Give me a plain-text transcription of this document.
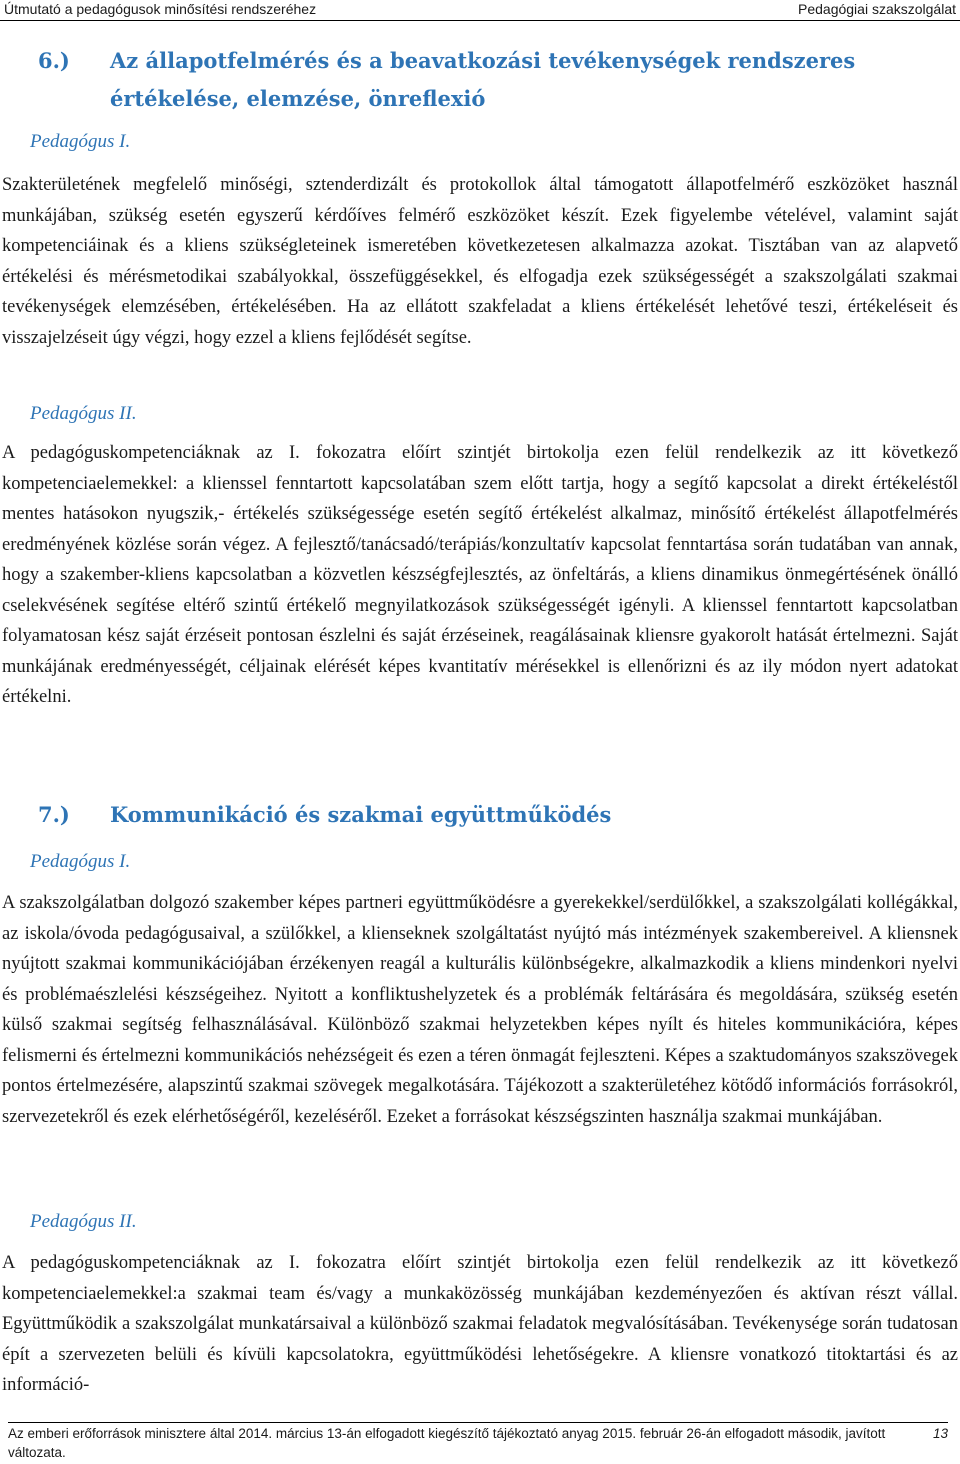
Útmutató a pedagógusok minősítési rendszeréhez	Pedagógiai szakszolgálat
6.) Az állapotfelmérés és a beavatkozási tevékenységek rendszeres értékelése, elemzése, önreflexió
Pedagógus I.
Szakterületének megfelelő minőségi, sztenderdizált és protokollok által támogatott állapotfelmérő eszközöket használ munkájában, szükség esetén egyszerű kérdőíves felmérő eszközöket készít. Ezek figyelembe vételével, valamint saját kompetenciáinak és a kliens szükségleteinek ismeretében következetesen alkalmazza azokat. Tisztában van az alapvető értékelési és mérésmetodikai szabályokkal, összefüggésekkel, és elfogadja ezek szükségességét a szakszolgálati szakmai tevékenységek elemzésében, értékelésében. Ha az ellátott szakfeladat a kliens értékelését lehetővé teszi, értékeléseit és visszajelzéseit úgy végzi, hogy ezzel a kliens fejlődését segítse.
Pedagógus II.
A pedagóguskompetenciáknak az I. fokozatra előírt szintjét birtokolja ezen felül rendelkezik az itt következő kompetenciaelemekkel: a klienssel fenntartott kapcsolatában szem előtt tartja, hogy a segítő kapcsolat a direkt értékeléstől mentes hatásokon nyugszik,- értékelés szükségessége esetén segítő értékelést alkalmaz, minősítő értékelést állapotfelmérés eredményének közlése során végez. A fejlesztő/tanácsadó/terápiás/konzultatív kapcsolat fenntartása során tudatában van annak, hogy a szakember-kliens kapcsolatban a közvetlen készségfejlesztés, az önfeltárás, a kliens dinamikus önmegértésének önálló cselekvésének segítése eltérő szintű értékelő megnyilatkozások szükségességét igényli. A klienssel fenntartott kapcsolatban folyamatosan kész saját érzéseit pontosan észlelni és saját érzéseinek, reagálásainak kliensre gyakorolt hatását értelmezni. Saját munkájának eredményességét, céljainak elérését képes kvantitatív mérésekkel is ellenőrizni és az ily módon nyert adatokat értékelni.
7.) Kommunikáció és szakmai együttműködés
Pedagógus I.
A szakszolgálatban dolgozó szakember képes partneri együttműködésre a gyerekekkel/serdülőkkel, a szakszolgálati kollégákkal, az iskola/óvoda pedagógusaival, a szülőkkel, a klienseknek szolgáltatást nyújtó más intézmények szakembereivel. A kliensnek nyújtott szakmai kommunikációjában érzékenyen reagál a kulturális különbségekre, alkalmazkodik a kliens mindenkori nyelvi és problémaészlelési készségeihez. Nyitott a konfliktushelyzetek és a problémák feltárására és megoldására, szükség esetén külső szakmai segítség felhasználásával. Különböző szakmai helyzetekben képes nyílt és hiteles kommunikációra, képes felismerni és értelmezni kommunikációs nehézségeit és ezen a téren önmagát fejleszteni. Képes a szaktudományos szakszövegek pontos értelmezésére, alapszintű szakmai szövegek megalkotására. Tájékozott a szakterületéhez kötődő információs forrásokról, szervezetekről és ezek elérhetőségéről, kezeléséről. Ezeket a forrásokat készségszinten használja szakmai munkájában.
Pedagógus II.
A pedagóguskompetenciáknak az I. fokozatra előírt szintjét birtokolja ezen felül rendelkezik az itt következő kompetenciaelemekkel:a szakmai team és/vagy a munkaközösség munkájában kezdeményezően és aktívan részt vállal. Együttműködik a szakszolgálat munkatársaival a különböző szakmai feladatok megvalósításában. Tevékenysége során tudatosan épít a szervezeten belüli és kívüli kapcsolatokra, együttműködési lehetőségekre. A kliensre vonatkozó titoktartási és az információ-
Az emberi erőforrások minisztere által 2014. március 13-án elfogadott kiegészítő tájékoztató anyag 2015. február 26-án elfogadott második, javított változata.
13
